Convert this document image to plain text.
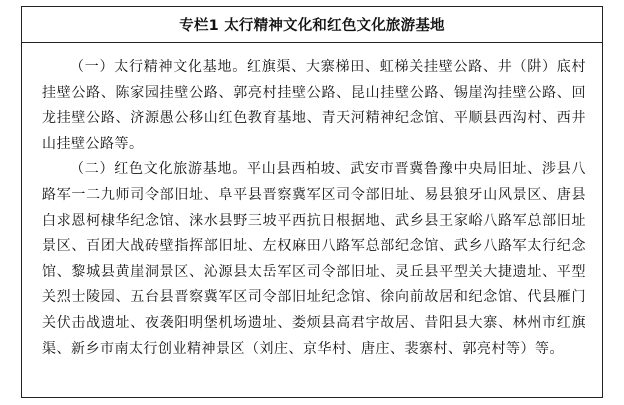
专栏1 太行精神文化和红色文化旅游基地

（一）太行精神文化基地。红旗渠、大寨梯田、虹梯关挂壁公路、井（阱）底村挂壁公路、陈家园挂壁公路、郭亮村挂壁公路、昆山挂壁公路、锡崖沟挂壁公路、回龙挂壁公路、济源愚公移山红色教育基地、青天河精神纪念馆、平顺县西沟村、西井山挂壁公路等。

（二）红色文化旅游基地。平山县西柏坡、武安市晋冀鲁豫中央局旧址、涉县八路军一二九师司令部旧址、阜平县晋察冀军区司令部旧址、易县狼牙山风景区、唐县白求恩柯棣华纪念馆、涞水县野三坡平西抗日根据地、武乡县王家峪八路军总部旧址景区、百团大战砖壁指挥部旧址、左权麻田八路军总部纪念馆、武乡八路军太行纪念馆、黎城县黄崖洞景区、沁源县太岳军区司令部旧址、灵丘县平型关大捷遗址、平型关烈士陵园、五台县晋察冀军区司令部旧址纪念馆、徐向前故居和纪念馆、代县雁门关伏击战遗址、夜袭阳明堡机场遗址、娄烦县高君宇故居、昔阳县大寨、林州市红旗渠、新乡市南太行创业精神景区（刘庄、京华村、唐庄、裴寨村、郭亮村等）等。
